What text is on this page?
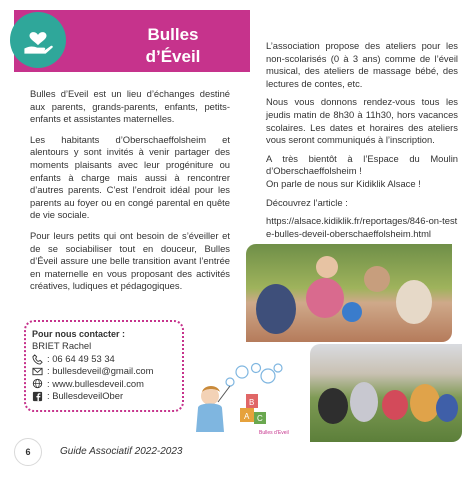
Bulles
d’Éveil

Bulles d’Eveil est un lieu d’échanges destiné aux parents, grands-parents, enfants, petits-enfants et assistantes maternelles.

Les habitants d’Oberschaeffolsheim et alentours y sont invités à venir partager des moments plaisants avec leur progéniture ou enfants à charge mais aussi à rencontrer d’autres parents. C’est l’endroit idéal pour les parents au foyer ou en congé parental en quête de vie sociale.

Pour leurs petits qui ont besoin de s’éveiller et de se sociabiliser tout en douceur, Bulles d’Éveil assure une belle transition avant l’entrée en maternelle en vous proposant des activités créatives, ludiques et pédagogiques.

L’association propose des ateliers pour les non-scolarisés (0 à 3 ans) comme de l’éveil musical, des ateliers de massage bébé, des lectures de contes, etc.

Nous vous donnons rendez-vous tous les jeudis matin de 8h30 à 11h30, hors vacances scolaires. Les dates et horaires des ateliers vous seront communiqués à l’inscription.

A très bientôt à l’Espace du Moulin d’Oberschaeffolsheim !
On parle de nous sur Kidiklik Alsace !

Découvrez l’article :

https://alsace.kidiklik.fr/reportages/846-on-teste-bulles-deveil-oberschaeffolsheim.html

Pour nous contacter :
BRIET Rachel
: 06 64 49 53 34
: bullesdeveil@gmail.com
: www.bullesdeveil.com
: BullesdeveilOber
A
B
C
Bulles d’Eveil
6	Guide Associatif 2022-2023
